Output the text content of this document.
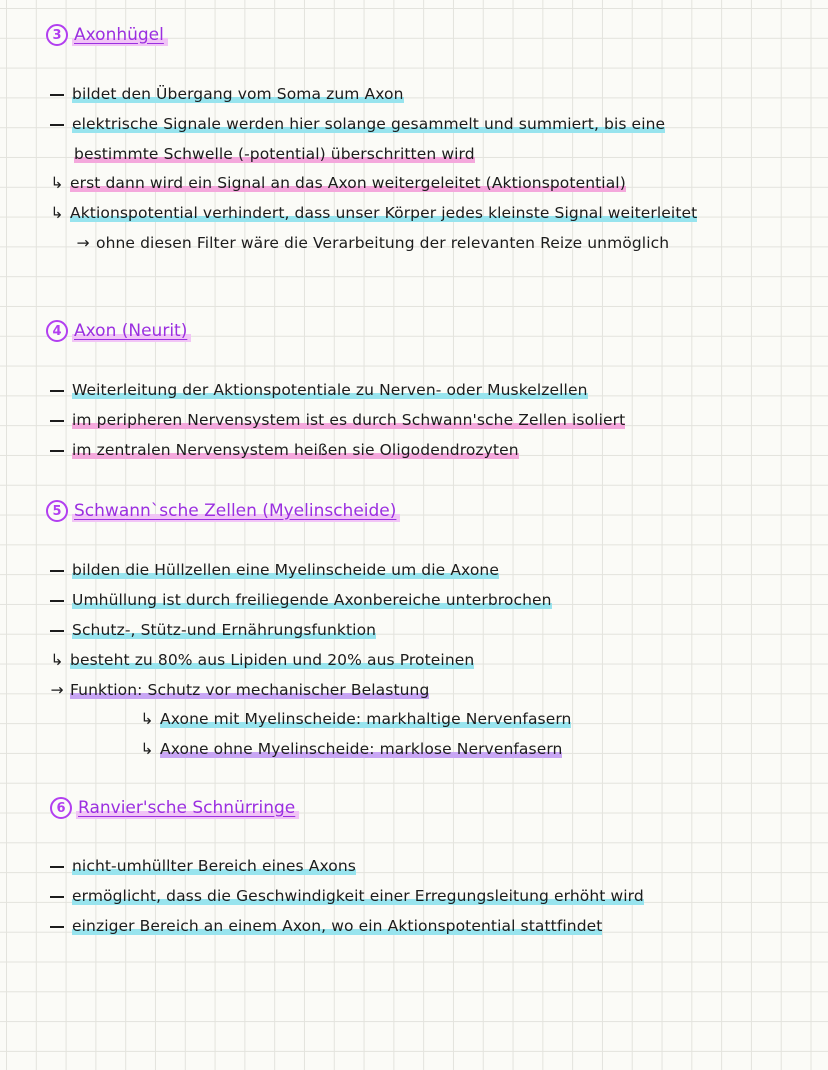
3 Axonhügel
bildet den Übergang vom Soma zum Axon
elektrische Signale werden hier solange gesammelt und summiert, bis eine
bestimmte Schwelle (-potential) überschritten wird
↳ erst dann wird ein Signal an das Axon weitergeleitet (Aktionspotential)
↳ Aktionspotential verhindert, dass unser Körper jedes kleinste Signal weiterleitet
→ ohne diesen Filter wäre die Verarbeitung der relevanten Reize unmöglich
4 Axon (Neurit)
Weiterleitung der Aktionspotentiale zu Nerven- oder Muskelzellen
im peripheren Nervensystem ist es durch Schwann'sche Zellen isoliert
im zentralen Nervensystem heißen sie Oligodendrozyten
5 Schwann`sche Zellen (Myelinscheide)
bilden die Hüllzellen eine Myelinscheide um die Axone
Umhüllung ist durch freiliegende Axonbereiche unterbrochen
Schutz-, Stütz-und Ernährungsfunktion
↳ besteht zu 80% aus Lipiden und 20% aus Proteinen
→ Funktion: Schutz vor mechanischer Belastung
↳ Axone mit Myelinscheide: markhaltige Nervenfasern
↳ Axone ohne Myelinscheide: marklose Nervenfasern
6 Ranvier'sche Schnürringe
nicht-umhüllter Bereich eines Axons
ermöglicht, dass die Geschwindigkeit einer Erregungsleitung erhöht wird
einziger Bereich an einem Axon, wo ein Aktionspotential stattfindet
